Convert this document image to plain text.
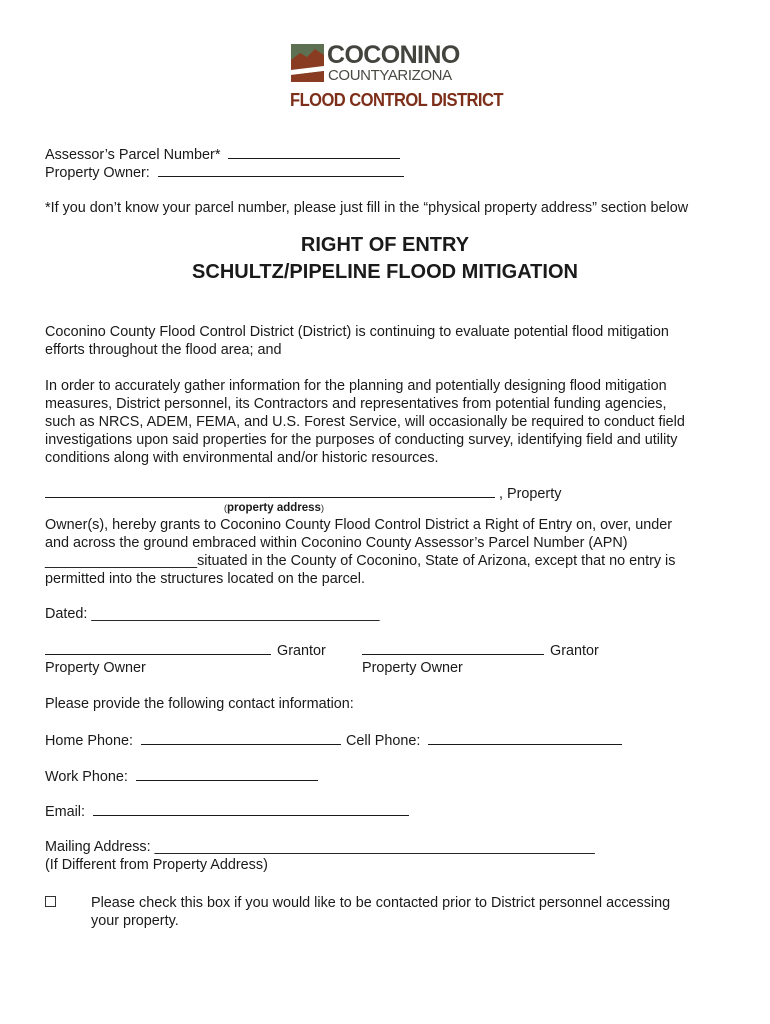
COCONINO
COUNTYARIZONA
FLOOD CONTROL DISTRICT
Assessor’s Parcel Number*
Property Owner:
*If you don’t know your parcel number, please just fill in the “physical property address” section below
RIGHT OF ENTRY
SCHULTZ/PIPELINE FLOOD MITIGATION
Coconino County Flood Control District (District) is continuing to evaluate potential flood mitigation
efforts throughout the flood area; and
In order to accurately gather information for the planning and potentially designing flood mitigation
measures, District personnel, its Contractors and representatives from potential funding agencies,
such as NRCS, ADEM, FEMA, and U.S. Forest Service, will occasionally be required to conduct field
investigations upon said properties for the purposes of conducting survey, identifying field and utility
conditions along with environmental and/or historic resources.
, Property
(property address)
Owner(s), hereby grants to Coconino County Flood Control District a Right of Entry on, over, under
and across the ground embraced within Coconino County Assessor’s Parcel Number (APN)
___________________situated in the County of Coconino, State of Arizona, except that no entry is
permitted into the structures located on the parcel.
Dated: ____________________________________
Grantor
Property Owner
Grantor
Property Owner
Please provide the following contact information:
Home Phone:	Cell Phone:
Work Phone:
Email:
Mailing Address: _______________________________________________________
(If Different from Property Address)
Please check this box if you would like to be contacted prior to District personnel accessing
your property.
